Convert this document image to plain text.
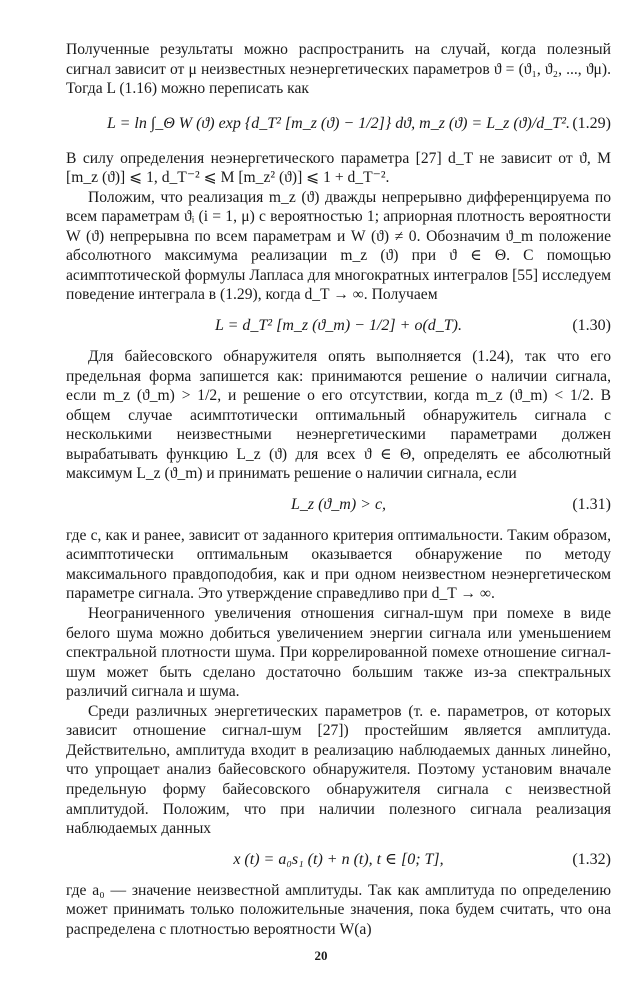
Полученные результаты можно распространить на случай, когда полезный сигнал зависит от μ неизвестных неэнергетических параметров ϑ = (ϑ₁, ϑ₂, ..., ϑμ). Тогда L (1.16) можно переписать как

L = ln ∫_Θ W (ϑ) exp {d_T² [m_z (ϑ) − 1/2]} dϑ, m_z (ϑ) = L_z (ϑ)/d_T². (1.29)

В силу определения неэнергетического параметра [27] d_T не зависит от ϑ, M [m_z (ϑ)] ⩽ 1, d_T⁻² ⩽ M [m_z² (ϑ)] ⩽ 1 + d_T⁻².

Положим, что реализация m_z (ϑ) дважды непрерывно дифференцируема по всем параметрам ϑᵢ (i = 1, μ) с вероятностью 1; априорная плотность вероятности W (ϑ) непрерывна по всем параметрам и W (ϑ) ≠ 0. Обозначим ϑ_m положение абсолютного максимума реализации m_z (ϑ) при ϑ ∈ Θ. С помощью асимптотической формулы Лапласа для многократных интегралов [55] исследуем поведение интеграла в (1.29), когда d_T → ∞. Получаем

L = d_T² [m_z (ϑ_m) − 1/2] + o(d_T).	(1.30)

Для байесовского обнаружителя опять выполняется (1.24), так что его предельная форма запишется как: принимаются решение о наличии сигнала, если m_z (ϑ_m) > 1/2, и решение о его отсутствии, когда m_z (ϑ_m) < 1/2. В общем случае асимптотически оптимальный обнаружитель сигнала с несколькими неизвестными неэнергетическими параметрами должен вырабатывать функцию L_z (ϑ) для всех ϑ ∈ Θ, определять ее абсолютный максимум L_z (ϑ_m) и принимать решение о наличии сигнала, если

L_z (ϑ_m) > c,	(1.31)

где c, как и ранее, зависит от заданного критерия оптимальности. Таким образом, асимптотически оптимальным оказывается обнаружение по методу максимального правдоподобия, как и при одном неизвестном неэнергетическом параметре сигнала. Это утверждение справедливо при d_T → ∞.

Неограниченного увеличения отношения сигнал-шум при помехе в виде белого шума можно добиться увеличением энергии сигнала или уменьшением спектральной плотности шума. При коррелированной помехе отношение сигнал-шум может быть сделано достаточно большим также из-за спектральных различий сигнала и шума.

Среди различных энергетических параметров (т. е. параметров, от которых зависит отношение сигнал-шум [27]) простейшим является амплитуда. Действительно, амплитуда входит в реализацию наблюдаемых данных линейно, что упрощает анализ байесовского обнаружителя. Поэтому установим вначале предельную форму байесовского обнаружителя сигнала с неизвестной амплитудой. Положим, что при наличии полезного сигнала реализация наблюдаемых данных

x (t) = a₀s₁ (t) + n (t), t ∈ [0; T],	(1.32)

где a₀ — значение неизвестной амплитуды. Так как амплитуда по определению может принимать только положительные значения, пока будем считать, что она распределена с плотностью вероятности W(a)

20
